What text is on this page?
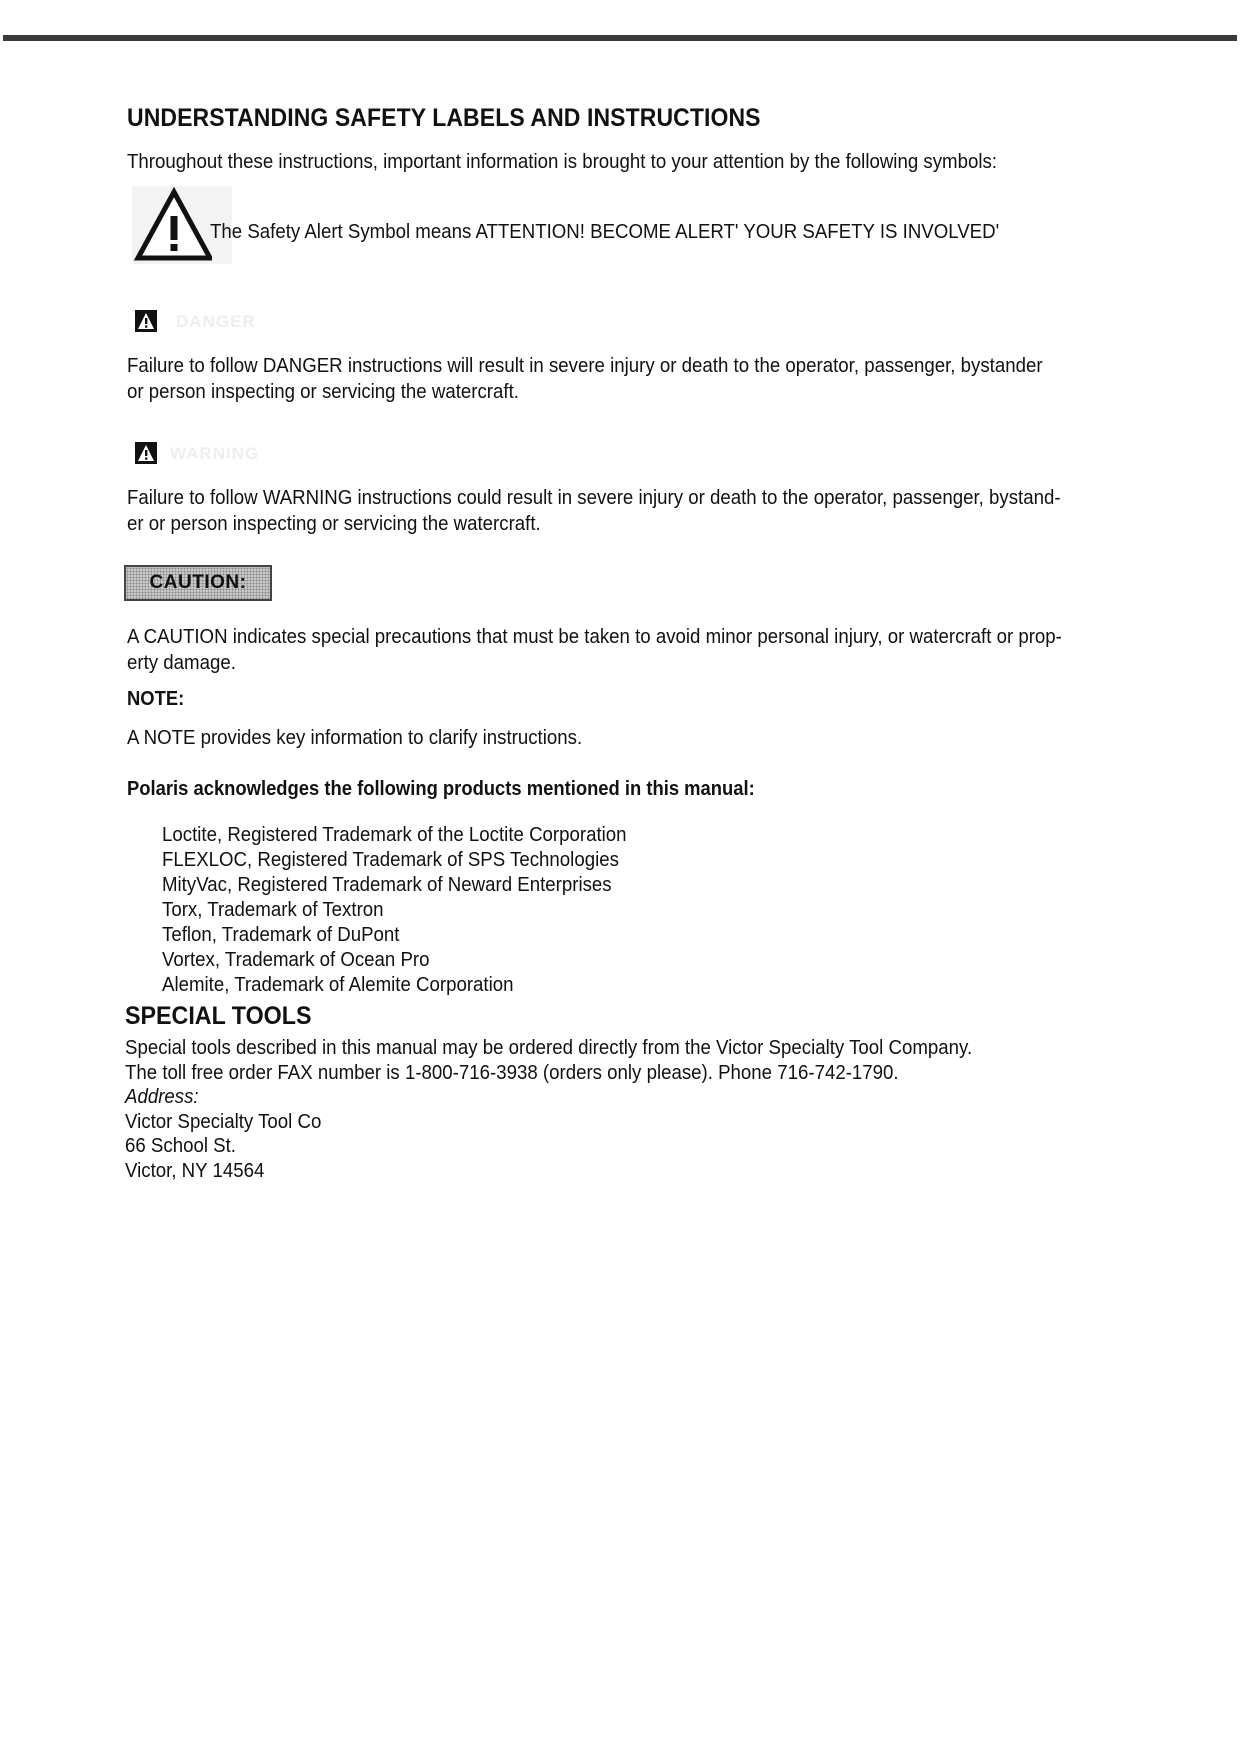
UNDERSTANDING SAFETY LABELS AND INSTRUCTIONS
Throughout these instructions, important information is brought to your attention by the following symbols:
The Safety Alert Symbol means ATTENTION! BECOME ALERT' YOUR SAFETY IS INVOLVED'
DANGER
Failure to follow DANGER instructions will result in severe injury or death to the operator, passenger, bystander
or person inspecting or servicing the watercraft.
WARNING
Failure to follow WARNING instructions could result in severe injury or death to the operator, passenger, bystand-
er or person inspecting or servicing the watercraft.
CAUTION:
A CAUTION indicates special precautions that must be taken to avoid minor personal injury, or watercraft or prop-
erty damage.
NOTE:
A NOTE provides key information to clarify instructions.
Polaris acknowledges the following products mentioned in this manual:
Loctite, Registered Trademark of the Loctite Corporation
FLEXLOC, Registered Trademark of SPS Technologies
MityVac, Registered Trademark of Neward Enterprises
Torx, Trademark of Textron
Teflon, Trademark of DuPont
Vortex, Trademark of Ocean Pro
Alemite, Trademark of Alemite Corporation
SPECIAL TOOLS
Special tools described in this manual may be ordered directly from the Victor Specialty Tool Company.
The toll free order FAX number is 1-800-716-3938 (orders only please). Phone 716-742-1790.
Address:
Victor Specialty Tool Co
66 School St.
Victor, NY 14564
